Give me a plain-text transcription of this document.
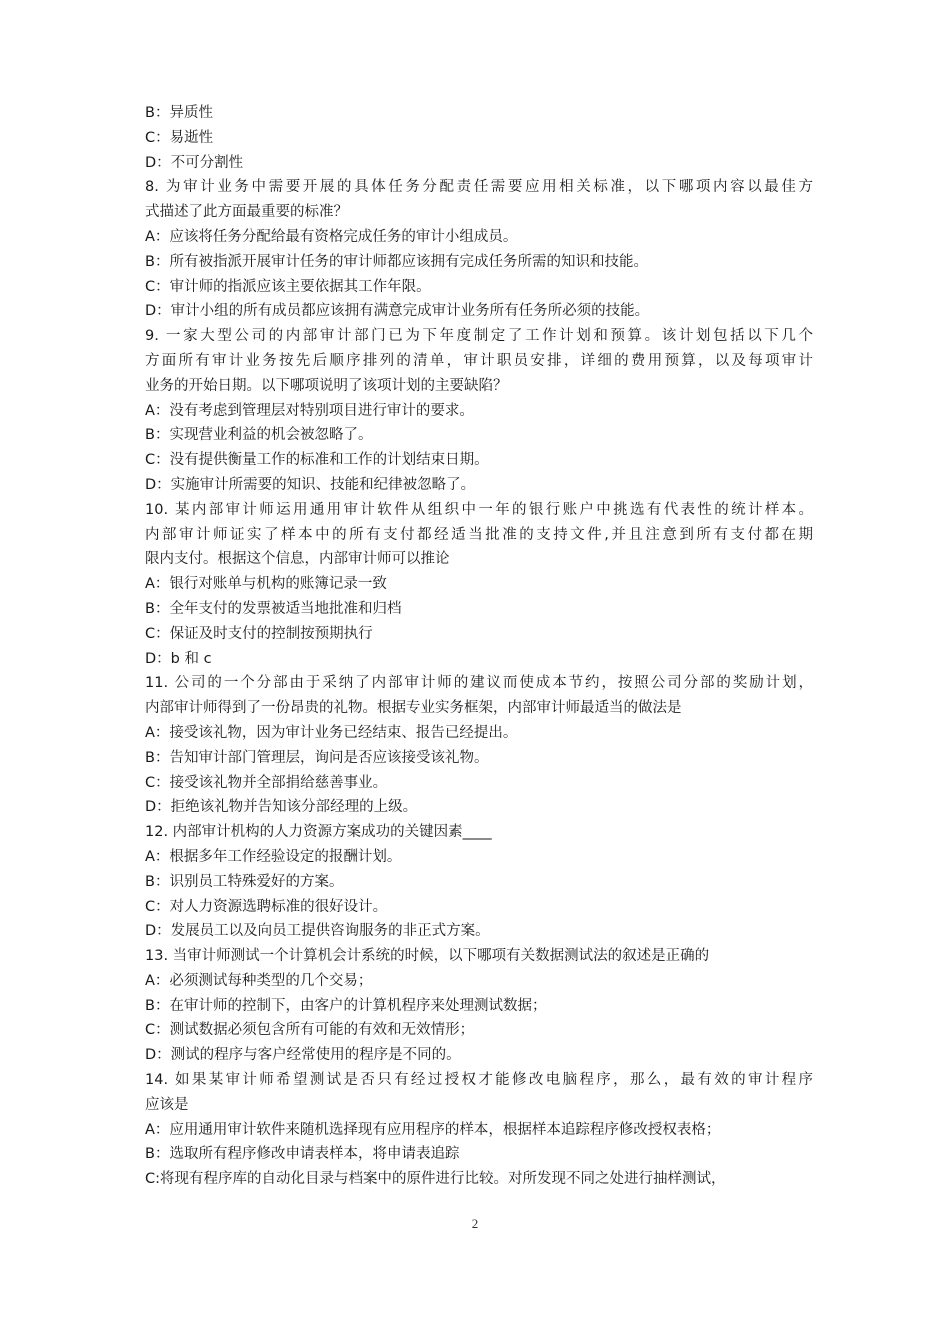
B：异质性
C：易逝性
D：不可分割性
8. 为审计业务中需要开展的具体任务分配责任需要应用相关标准，以下哪项内容以最佳方
式描述了此方面最重要的标准？
A：应该将任务分配给最有资格完成任务的审计小组成员。
B：所有被指派开展审计任务的审计师都应该拥有完成任务所需的知识和技能。
C：审计师的指派应该主要依据其工作年限。
D：审计小组的所有成员都应该拥有满意完成审计业务所有任务所必须的技能。
9. 一家大型公司的内部审计部门已为下年度制定了工作计划和预算。该计划包括以下几个
方面所有审计业务按先后顺序排列的清单，审计职员安排，详细的费用预算，以及每项审计
业务的开始日期。以下哪项说明了该项计划的主要缺陷？
A：没有考虑到管理层对特别项目进行审计的要求。
B：实现营业利益的机会被忽略了。
C：没有提供衡量工作的标准和工作的计划结束日期。
D：实施审计所需要的知识、技能和纪律被忽略了。
10. 某内部审计师运用通用审计软件从组织中一年的银行账户中挑选有代表性的统计样本。
内部审计师证实了样本中的所有支付都经适当批准的支持文件,并且注意到所有支付都在期
限内支付。根据这个信息，内部审计师可以推论
A：银行对账单与机构的账簿记录一致
B：全年支付的发票被适当地批准和归档
C：保证及时支付的控制按预期执行
D：b 和 c
11. 公司的一个分部由于采纳了内部审计师的建议而使成本节约，按照公司分部的奖励计划，
内部审计师得到了一份昂贵的礼物。根据专业实务框架，内部审计师最适当的做法是
A：接受该礼物，因为审计业务已经结束、报告已经提出。
B：告知审计部门管理层，询问是否应该接受该礼物。
C：接受该礼物并全部捐给慈善事业。
D：拒绝该礼物并告知该分部经理的上级。
12. 内部审计机构的人力资源方案成功的关键因素____
A：根据多年工作经验设定的报酬计划。
B：识别员工特殊爱好的方案。
C：对人力资源选聘标准的很好设计。
D：发展员工以及向员工提供咨询服务的非正式方案。
13. 当审计师测试一个计算机会计系统的时候，以下哪项有关数据测试法的叙述是正确的
A：必须测试每种类型的几个交易；
B：在审计师的控制下，由客户的计算机程序来处理测试数据；
C：测试数据必须包含所有可能的有效和无效情形；
D：测试的程序与客户经常使用的程序是不同的。
14. 如果某审计师希望测试是否只有经过授权才能修改电脑程序，那么，最有效的审计程序
应该是
A：应用通用审计软件来随机选择现有应用程序的样本，根据样本追踪程序修改授权表格；
B：选取所有程序修改申请表样本，将申请表追踪
C:将现有程序库的自动化目录与档案中的原件进行比较。对所发现不同之处进行抽样测试，
2
